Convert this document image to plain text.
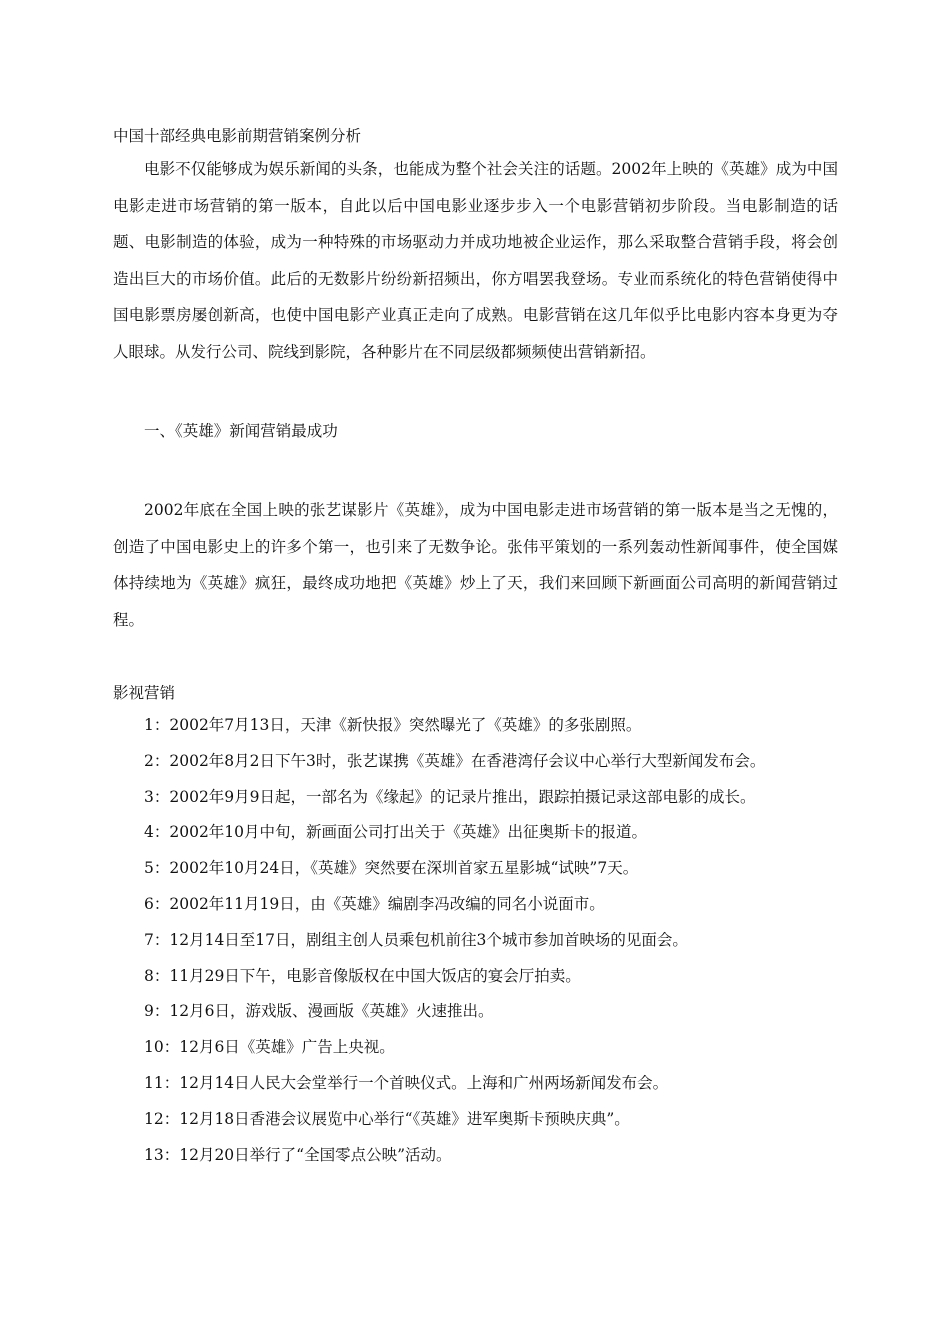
中国十部经典电影前期营销案例分析

电影不仅能够成为娱乐新闻的头条，也能成为整个社会关注的话题。2002年上映的《英雄》成为中国电影走进市场营销的第一版本，自此以后中国电影业逐步步入一个电影营销初步阶段。当电影制造的话题、电影制造的体验，成为一种特殊的市场驱动力并成功地被企业运作，那么采取整合营销手段，将会创造出巨大的市场价值。此后的无数影片纷纷新招频出，你方唱罢我登场。专业而系统化的特色营销使得中国电影票房屡创新高，也使中国电影产业真正走向了成熟。电影营销在这几年似乎比电影内容本身更为夺人眼球。从发行公司、院线到影院，各种影片在不同层级都频频使出营销新招。

一、《英雄》新闻营销最成功

2002年底在全国上映的张艺谋影片《英雄》，成为中国电影走进市场营销的第一版本是当之无愧的，创造了中国电影史上的许多个第一，也引来了无数争论。张伟平策划的一系列轰动性新闻事件，使全国媒体持续地为《英雄》疯狂，最终成功地把《英雄》炒上了天，我们来回顾下新画面公司高明的新闻营销过程。

影视营销

1：2002年7月13日，天津《新快报》突然曝光了《英雄》的多张剧照。
2：2002年8月2日下午3时，张艺谋携《英雄》在香港湾仔会议中心举行大型新闻发布会。
3：2002年9月9日起，一部名为《缘起》的记录片推出，跟踪拍摄记录这部电影的成长。
4：2002年10月中旬，新画面公司打出关于《英雄》出征奥斯卡的报道。
5：2002年10月24日，《英雄》突然要在深圳首家五星影城“试映”7天。
6：2002年11月19日，由《英雄》编剧李冯改编的同名小说面市。
7：12月14日至17日，剧组主创人员乘包机前往3个城市参加首映场的见面会。
8：11月29日下午，电影音像版权在中国大饭店的宴会厅拍卖。
9：12月6日，游戏版、漫画版《英雄》火速推出。
10：12月6日《英雄》广告上央视。
11：12月14日人民大会堂举行一个首映仪式。上海和广州两场新闻发布会。
12：12月18日香港会议展览中心举行“《英雄》进军奥斯卡预映庆典”。
13：12月20日举行了“全国零点公映”活动。
